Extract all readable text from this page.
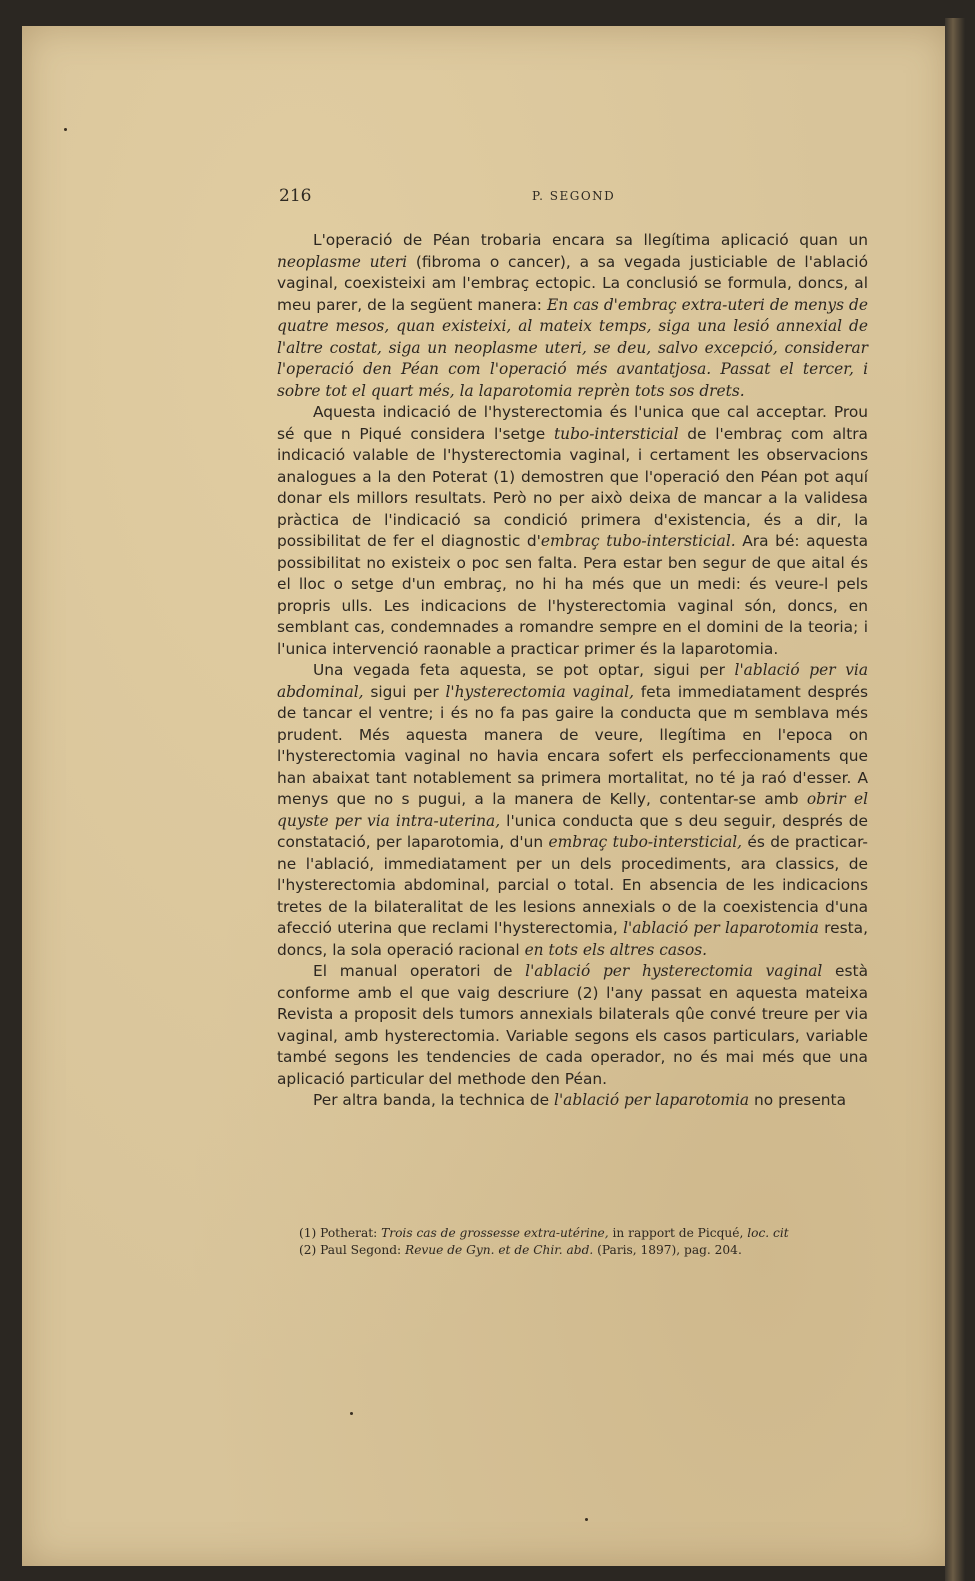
216	P. SEGOND

L'operació de Péan trobaria encara sa llegítima aplicació quan un neoplasme uteri (fibroma o cancer), a sa vegada justiciable de l'ablació vaginal, coexisteixi am l'embraç ectopic. La conclusió se formula, doncs, al meu parer, de la següent manera: En cas d'embraç extra-uteri de menys de quatre mesos, quan existeixi, al mateix temps, siga una lesió annexial de l'altre costat, siga un neoplasme uteri, se deu, salvo excepció, considerar l'operació den Péan com l'operació més avantatjosa. Passat el tercer, i sobre tot el quart més, la laparotomia reprèn tots sos drets.

Aquesta indicació de l'hysterectomia és l'unica que cal acceptar. Prou sé que n Piqué considera l'setge tubo-intersticial de l'embraç com altra indicació valable de l'hysterectomia vaginal, i certament les observacions analogues a la den Poterat (1) demostren que l'operació den Péan pot aquí donar els millors resultats. Però no per això deixa de mancar a la validesa pràctica de l'indicació sa condició primera d'existencia, és a dir, la possibilitat de fer el diagnostic d'embraç tubo-intersticial. Ara bé: aquesta possibilitat no existeix o poc sen falta. Pera estar ben segur de que aital és el lloc o setge d'un embraç, no hi ha més que un medi: és veure-l pels propris ulls. Les indicacions de l'hysterectomia vaginal són, doncs, en semblant cas, condemnades a romandre sempre en el domini de la teoria; i l'unica intervenció raonable a practicar primer és la laparotomia.

Una vegada feta aquesta, se pot optar, sigui per l'ablació per via abdominal, sigui per l'hysterectomia vaginal, feta immediatament després de tancar el ventre; i és no fa pas gaire la conducta que m semblava més prudent. Més aquesta manera de veure, llegítima en l'epoca on l'hysterectomia vaginal no havia encara sofert els perfeccionaments que han abaixat tant notablement sa primera mortalitat, no té ja raó d'esser. A menys que no s pugui, a la manera de Kelly, contentar-se amb obrir el quyste per via intra-uterina, l'unica conducta que s deu seguir, després de constatació, per laparotomia, d'un embraç tubo-intersticial, és de practicar-ne l'ablació, immediatament per un dels procediments, ara classics, de l'hysterectomia abdominal, parcial o total. En absencia de les indicacions tretes de la bilateralitat de les lesions annexials o de la coexistencia d'una afecció uterina que reclami l'hysterectomia, l'ablació per laparotomia resta, doncs, la sola operació racional en tots els altres casos.

El manual operatori de l'ablació per hysterectomia vaginal està conforme amb el que vaig descriure (2) l'any passat en aquesta mateixa Revista a proposit dels tumors annexials bilaterals qûe convé treure per via vaginal, amb hysterectomia. Variable segons els casos particulars, variable també segons les tendencies de cada operador, no és mai més que una aplicació particular del methode den Péan.

Per altra banda, la technica de l'ablació per laparotomia no presenta

(1) Potherat: Trois cas de grossesse extra-utérine, in rapport de Picqué, loc. cit
(2) Paul Segond: Revue de Gyn. et de Chir. abd. (Paris, 1897), pag. 204.
